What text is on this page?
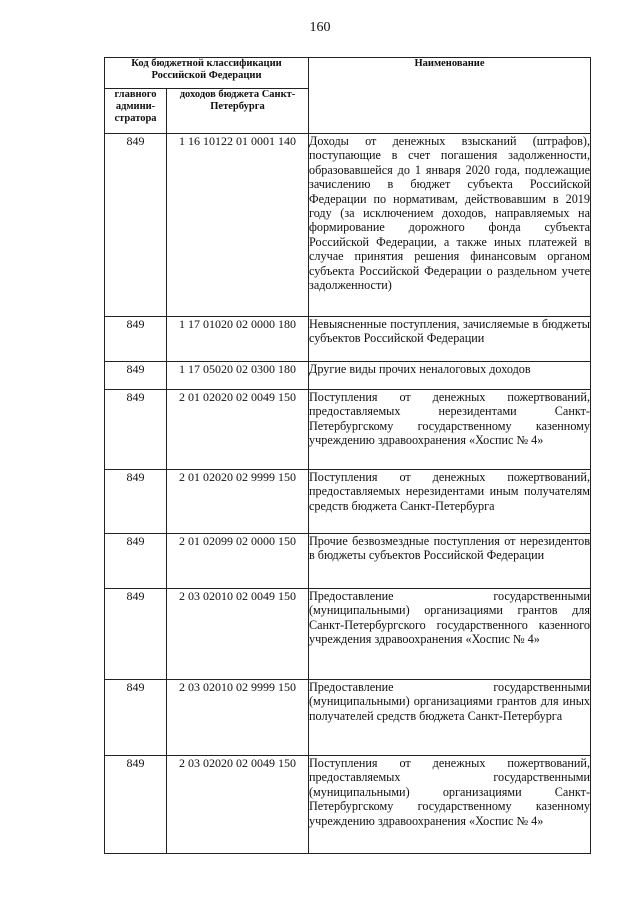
160
Код бюджетной классификации Российской Федерации		Наименование
главного админи-стратора	доходов бюджета Санкт-Петербурга	
849	1 16 10122 01 0001 140	Доходы от денежных взысканий (штрафов), поступающие в счет погашения задолженности, образовавшейся до 1 января 2020 года, подлежащие зачислению в бюджет субъекта Российской Федерации по нормативам, действовавшим в 2019 году (за исключением доходов, направляемых на формирование дорожного фонда субъекта Российской Федерации, а также иных платежей в случае принятия решения финансовым органом субъекта Российской Федерации о раздельном учете задолженности)
849	1 17 01020 02 0000 180	Невыясненные поступления, зачисляемые в бюджеты субъектов Российской Федерации
849	1 17 05020 02 0300 180	Другие виды прочих неналоговых доходов
849	2 01 02020 02 0049 150	Поступления от денежных пожертвований, предоставляемых нерезидентами Санкт-Петербургскому государственному казенному учреждению здравоохранения «Хоспис № 4»
849	2 01 02020 02 9999 150	Поступления от денежных пожертвований, предоставляемых нерезидентами иным получателям средств бюджета Санкт-Петербурга
849	2 01 02099 02 0000 150	Прочие безвозмездные поступления от нерезидентов в бюджеты субъектов Российской Федерации
849	2 03 02010 02 0049 150	Предоставление государственными (муниципальными) организациями грантов для Санкт-Петербургского государственного казенного учреждения здравоохранения «Хоспис № 4»
849	2 03 02010 02 9999 150	Предоставление государственными (муниципальными) организациями грантов для иных получателей средств бюджета Санкт-Петербурга
849	2 03 02020 02 0049 150	Поступления от денежных пожертвований, предоставляемых государственными (муниципальными) организациями Санкт-Петербургскому государственному казенному учреждению здравоохранения «Хоспис № 4»
